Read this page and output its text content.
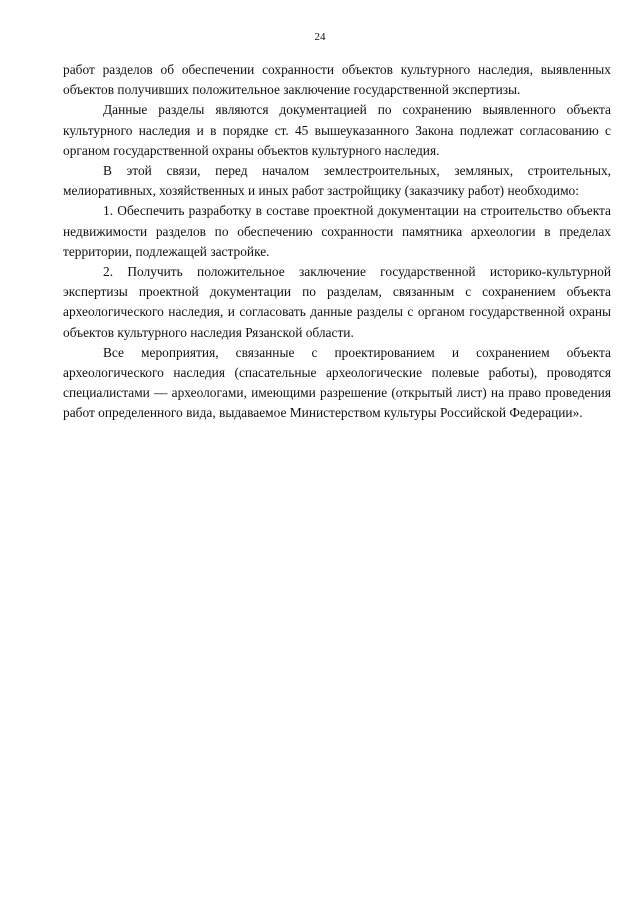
24

работ разделов об обеспечении сохранности объектов культурного наследия, выявленных объектов получивших положительное заключение государственной экспертизы.

Данные разделы являются документацией по сохранению выявленного объекта культурного наследия и в порядке ст. 45 вышеуказанного Закона подлежат согласованию с органом государственной охраны объектов культурного наследия.

В этой связи, перед началом землестроительных, земляных, строительных, мелиоративных, хозяйственных и иных работ застройщику (заказчику работ) необходимо:

1. Обеспечить разработку в составе проектной документации на строительство объекта недвижимости разделов по обеспечению сохранности памятника археологии в пределах территории, подлежащей застройке.

2. Получить положительное заключение государственной историко-культурной экспертизы проектной документации по разделам, связанным с сохранением объекта археологического наследия, и согласовать данные разделы с органом государственной охраны объектов культурного наследия Рязанской области.

Все мероприятия, связанные с проектированием и сохранением объекта археологического наследия (спасательные археологические полевые работы), проводятся специалистами — археологами, имеющими разрешение (открытый лист) на право проведения работ определенного вида, выдаваемое Министерством культуры Российской Федерации».
